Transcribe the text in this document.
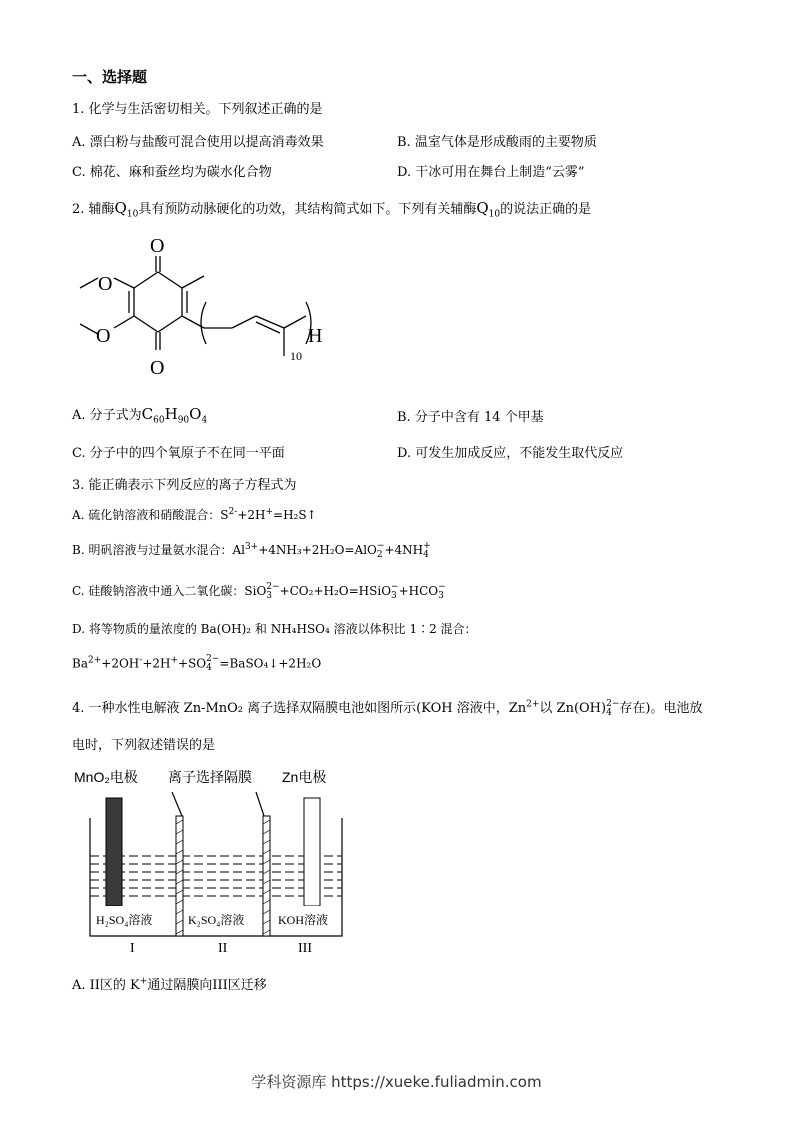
一、选择题
1. 化学与生活密切相关。下列叙述正确的是
A. 漂白粉与盐酸可混合使用以提高消毒效果	B. 温室气体是形成酸雨的主要物质
C. 棉花、麻和蚕丝均为碳水化合物	D. 干冰可用在舞台上制造“云雾”
2. 辅酶$Q_{10}$具有预防动脉硬化的功效，其结构简式如下。下列有关辅酶$Q_{10}$的说法正确的是
O
O
O
O	H
10
A. 分子式为$C_{60}H_{90}O_4$	B. 分子中含有 14 个甲基
C. 分子中的四个氧原子不在同一平面	D. 可发生加成反应，不能发生取代反应
3. 能正确表示下列反应的离子方程式为
A. 硫化钠溶液和硝酸混合：$S^{2-}+2H^+=H_2S↑$
B. 明矾溶液与过量氨水混合：$Al^{3+}+4NH_3+2H_2O=AlO$ −
2 +4NH +
4
C. 硅酸钠溶液中通入二氧化碳：SiO 2−
3 +CO₂+H₂O=HSiO −
3 +HCO −
3
D. 将等物质的量浓度的 Ba(OH)₂ 和 NH₄HSO₄ 溶液以体积比 1∶2 混合：
$Ba^{2+}+2OH^-+2H^++SO$ 2−
4 =BaSO₄↓+2H₂O
4. 一种水性电解液 Zn-MnO₂ 离子选择双隔膜电池如图所示(KOH 溶液中，$Zn^{2+}$以 Zn(OH) 2−
4 存在)。电池放
电时，下列叙述错误的是
MnO₂电极 离子选择隔膜 Zn电极
H₂SO₄溶液	K₂SO₄溶液	KOH溶液
I	II	III
A. II区的 K+通过隔膜向III区迁移
学科资源库 https://xueke.fuliadmin.com
